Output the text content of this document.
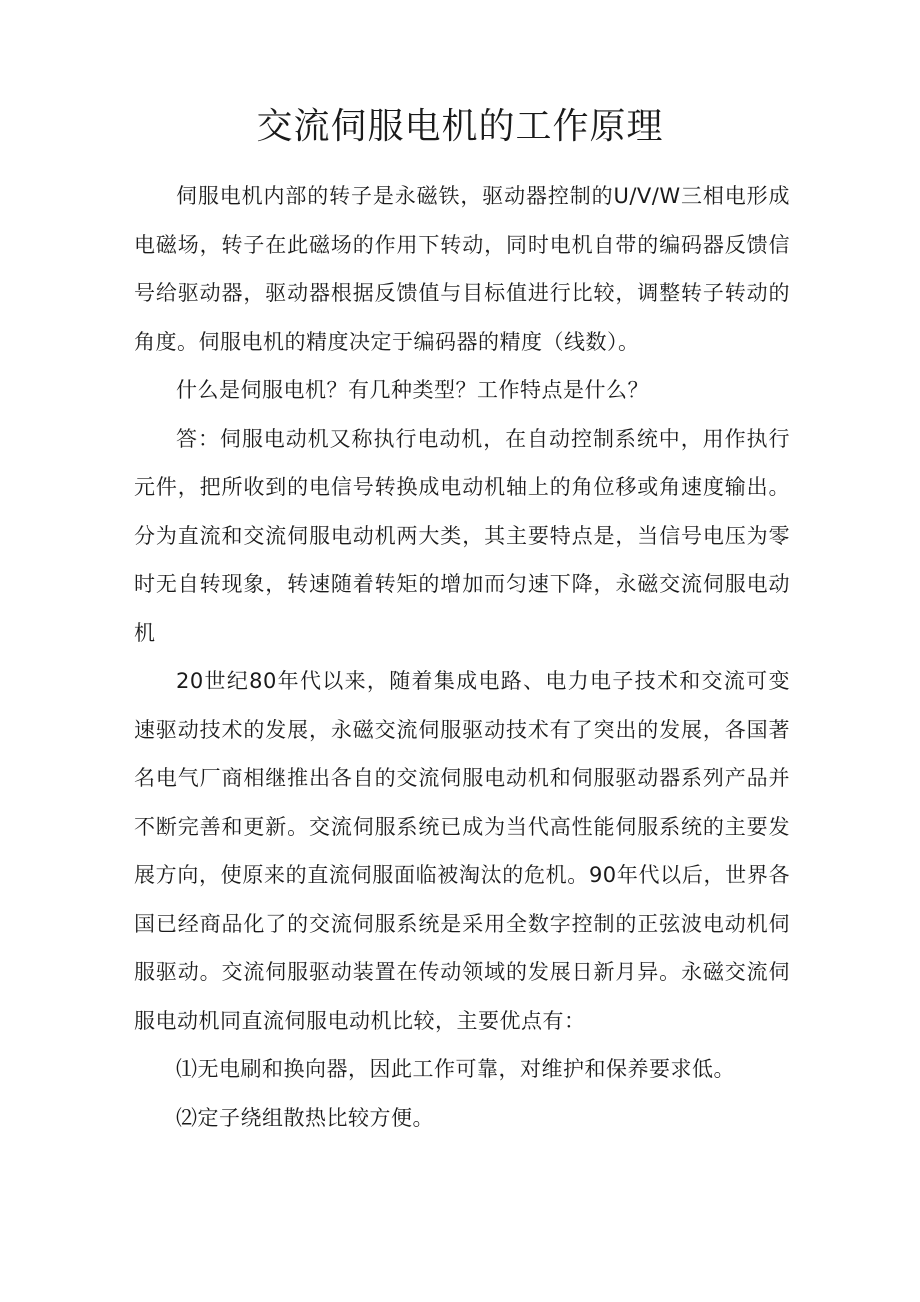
交流伺服电机的工作原理

伺服电机内部的转子是永磁铁，驱动器控制的U/V/W三相电形成电磁场，转子在此磁场的作用下转动，同时电机自带的编码器反馈信号给驱动器，驱动器根据反馈值与目标值进行比较，调整转子转动的角度。伺服电机的精度决定于编码器的精度（线数）。

什么是伺服电机？有几种类型？工作特点是什么？

答：伺服电动机又称执行电动机，在自动控制系统中，用作执行元件，把所收到的电信号转换成电动机轴上的角位移或角速度输出。分为直流和交流伺服电动机两大类，其主要特点是，当信号电压为零时无自转现象，转速随着转矩的增加而匀速下降，永磁交流伺服电动机

20世纪80年代以来，随着集成电路、电力电子技术和交流可变速驱动技术的发展，永磁交流伺服驱动技术有了突出的发展，各国著名电气厂商相继推出各自的交流伺服电动机和伺服驱动器系列产品并不断完善和更新。交流伺服系统已成为当代高性能伺服系统的主要发展方向，使原来的直流伺服面临被淘汰的危机。90年代以后，世界各国已经商品化了的交流伺服系统是采用全数字控制的正弦波电动机伺服驱动。交流伺服驱动装置在传动领域的发展日新月异。永磁交流伺服电动机同直流伺服电动机比较，主要优点有：

⑴无电刷和换向器，因此工作可靠，对维护和保养要求低。

⑵定子绕组散热比较方便。
